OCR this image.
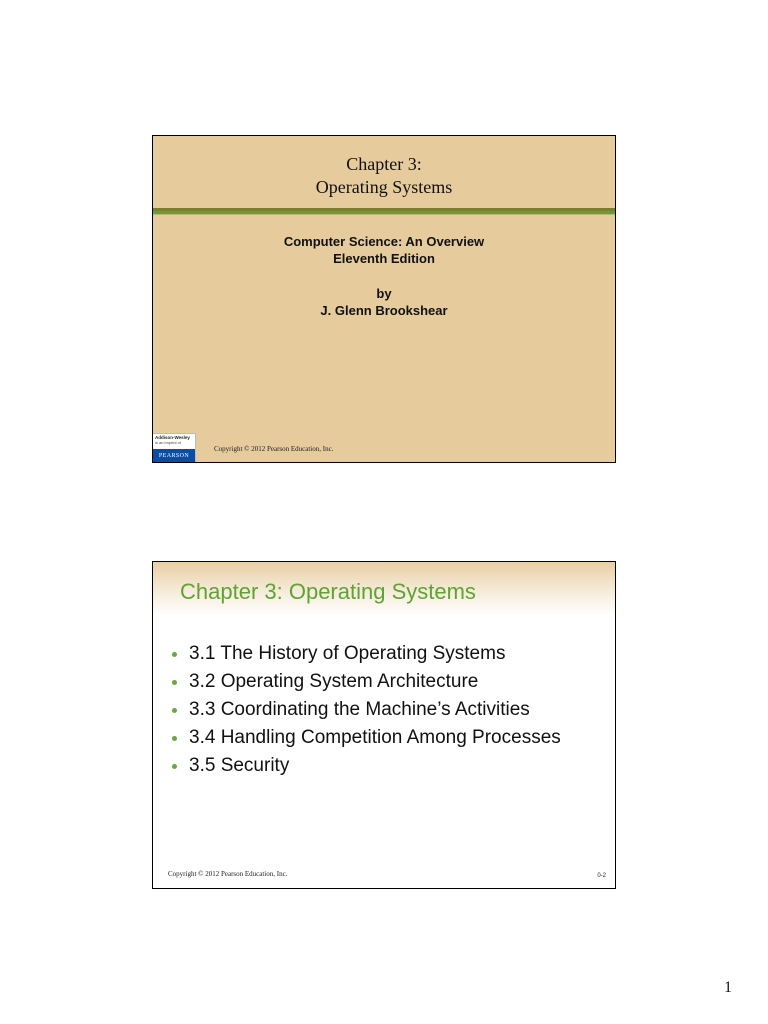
Chapter 3:
Operating Systems
Computer Science: An Overview
Eleventh Edition
by
J. Glenn Brookshear
Addison-Wesley
is an imprint of
PEARSON
Copyright © 2012 Pearson Education, Inc.
Chapter 3: Operating Systems
3.1 The History of Operating Systems
3.2 Operating System Architecture
3.3 Coordinating the Machine’s Activities
3.4 Handling Competition Among Processes
3.5 Security
Copyright © 2012 Pearson Education, Inc.	0-2
1
